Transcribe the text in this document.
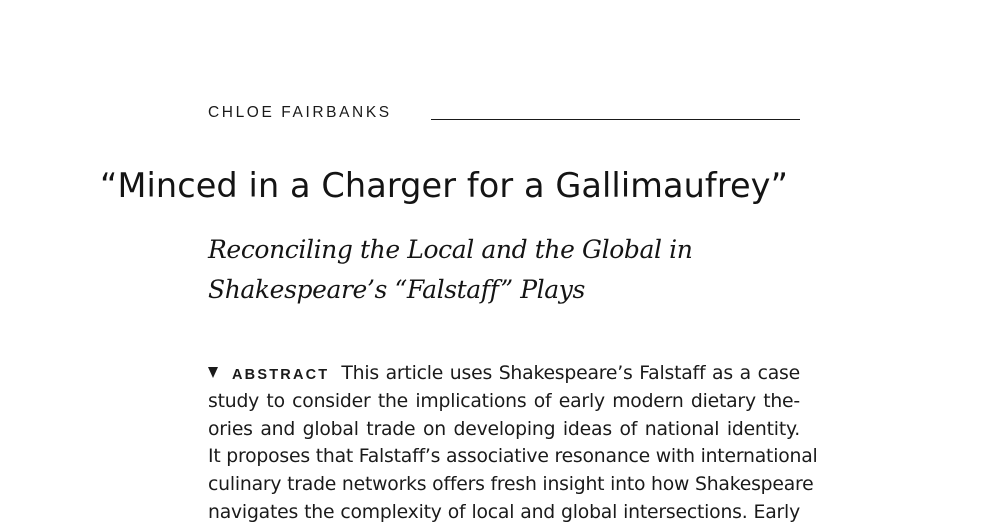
CHLOE FAIRBANKS
“Minced in a Charger for a Gallimaufrey”
Reconciling the Local and the Global in
Shakespeare’s “Falstaff” Plays
ABSTRACT This article uses Shakespeare’s Falstaff as a case
study to consider the implications of early modern dietary the-
ories and global trade on developing ideas of national identity.
It proposes that Falstaff’s associative resonance with international
culinary trade networks offers fresh insight into how Shakespeare
navigates the complexity of local and global intersections. Early
